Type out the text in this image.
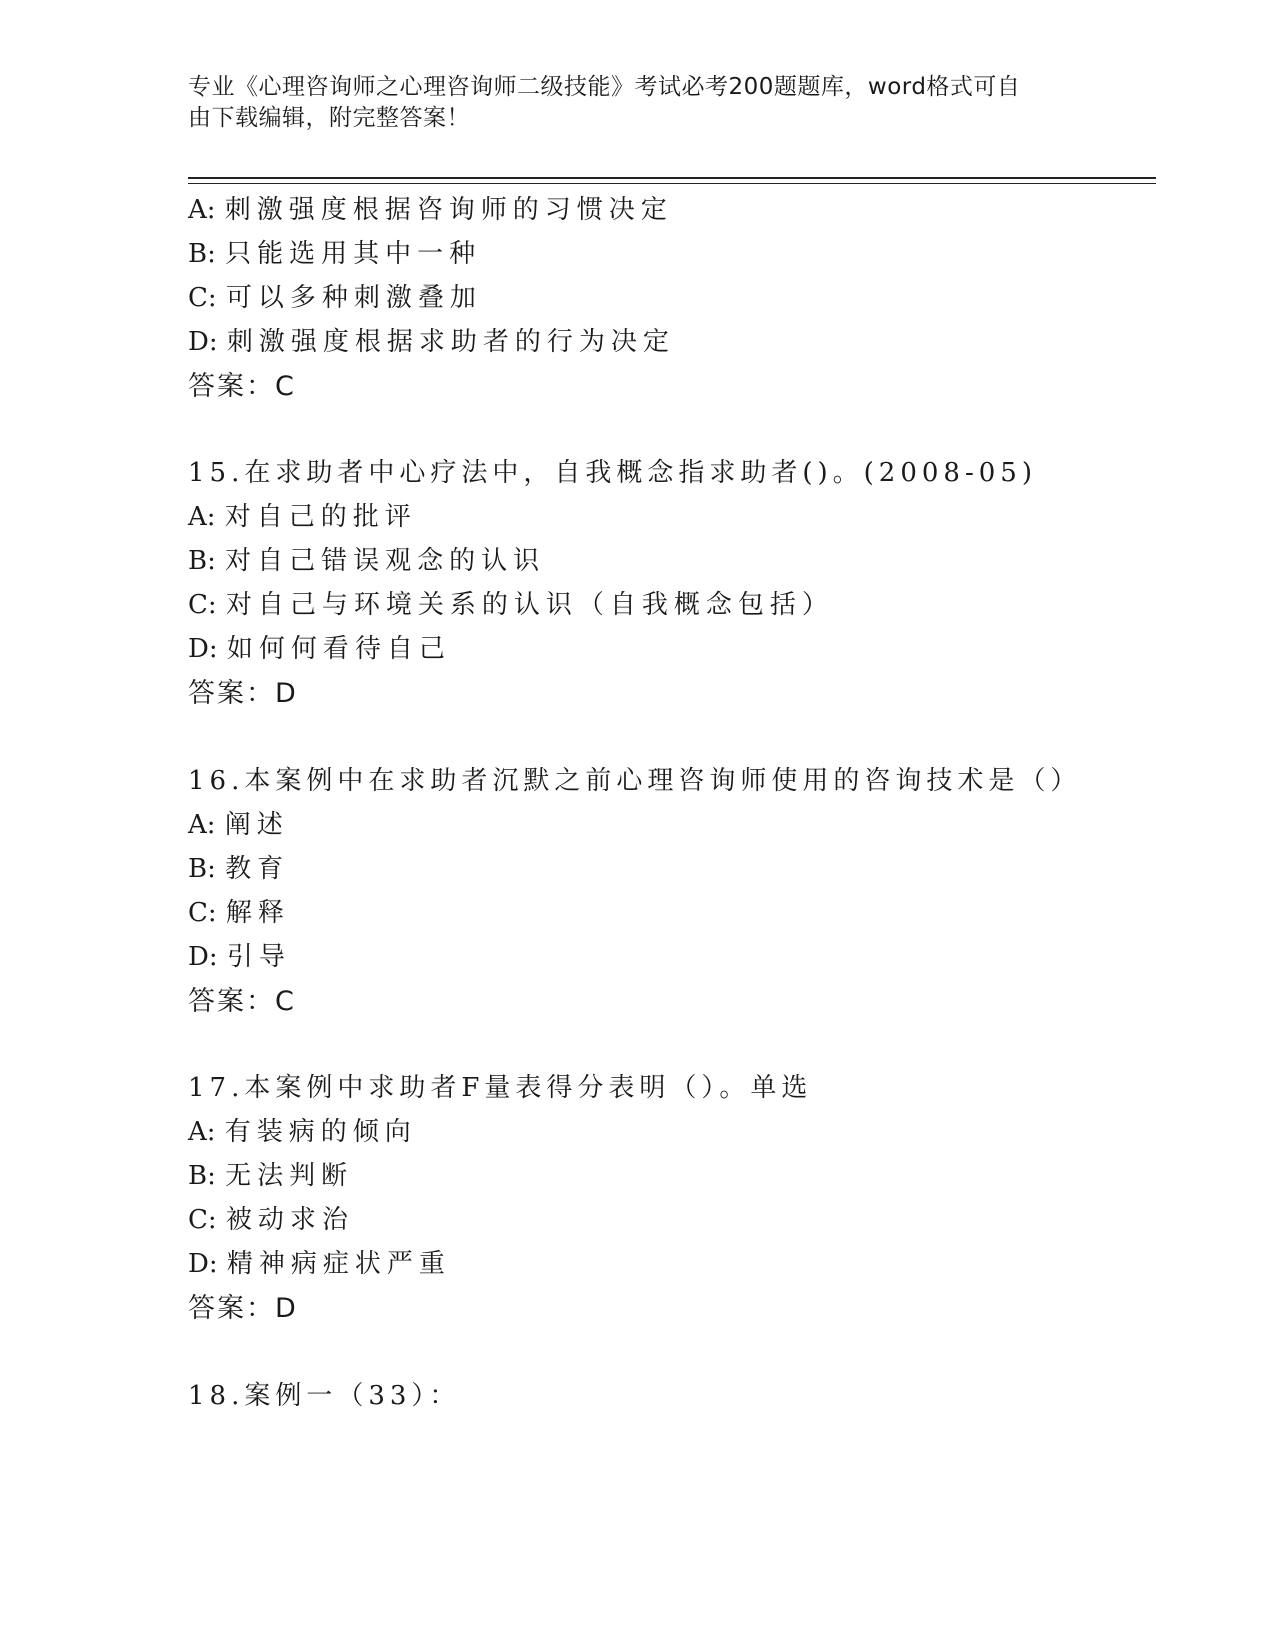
专业《心理咨询师之心理咨询师二级技能》考试必考200题题库，word格式可自
由下载编辑，附完整答案！
A: 刺激强度根据咨询师的习惯决定
B: 只能选用其中一种
C: 可以多种刺激叠加
D: 刺激强度根据求助者的行为决定
答案：C
15.在求助者中心疗法中，自我概念指求助者()。(2008-05)
A: 对自己的批评
B: 对自己错误观念的认识
C: 对自己与环境关系的认识（自我概念包括）
D: 如何何看待自己
答案：D
16.本案例中在求助者沉默之前心理咨询师使用的咨询技术是（）
A: 阐述
B: 教育
C: 解释
D: 引导
答案：C
17.本案例中求助者F量表得分表明（）。单选
A: 有装病的倾向
B: 无法判断
C: 被动求治
D: 精神病症状严重
答案：D
18.案例一（33）：
